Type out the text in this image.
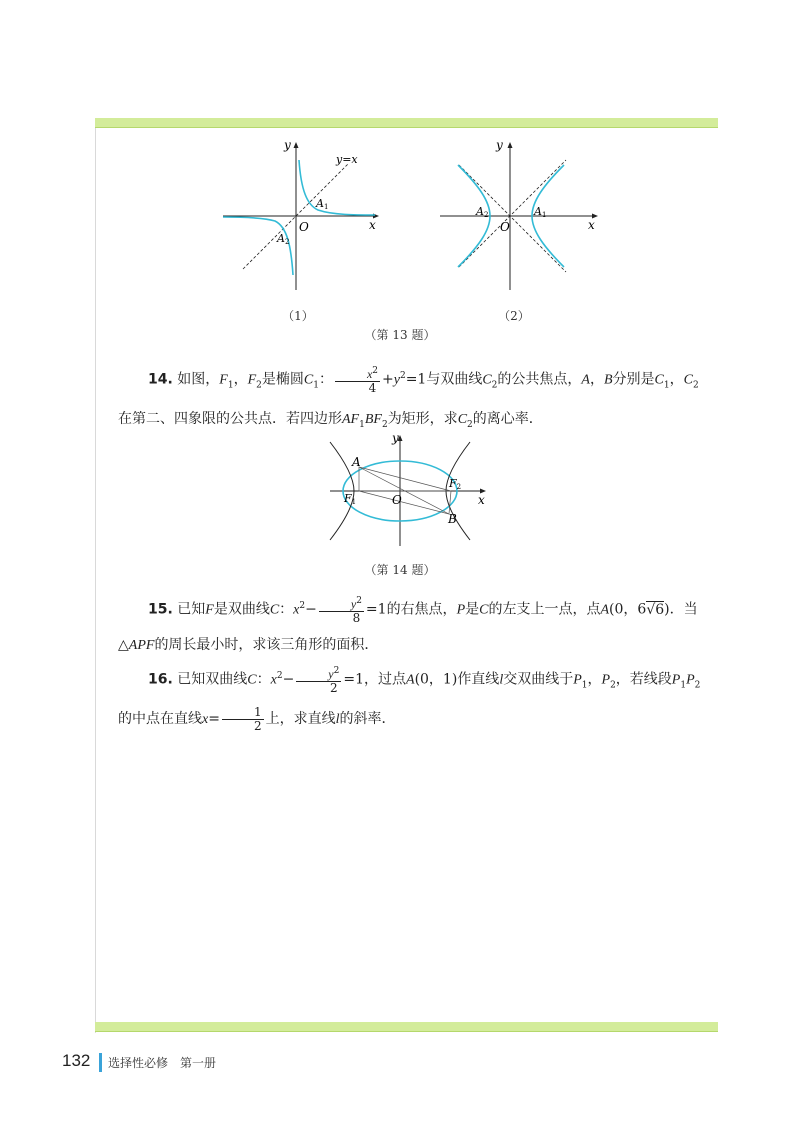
y
x
O
y=x
A1
A2
（1）
y
x
O
A1
A2
（2）
（第 13 题）
14. 如图，$F_1$，$F_2$是椭圆$C_1$： $\frac{x^2}{4} +y^2=1$与双曲线$C_2$的公共焦点，A，B分别是$C_1$，$C_2$在第二、四象限的公共点．若四边形$AF_1BF_2$为矩形，求$C_2$的离心率．
y
x
O
A
B
F1
F2
（第 14 题）
15. 已知F是双曲线C：$x^2- \frac{y^2}{8} =1$的右焦点，P是C的左支上一点，点A(0，6√6)．当△APF的周长最小时，求该三角形的面积．
16. 已知双曲线C：$x^2- \frac{y^2}{2} =1$，过点A(0，1)作直线l交双曲线于$P_1$，$P_2$，若线段$P_1P_2$的中点在直线$x= \frac{1}{2}$ 上，求直线l的斜率．
132 选择性必修　第一册
